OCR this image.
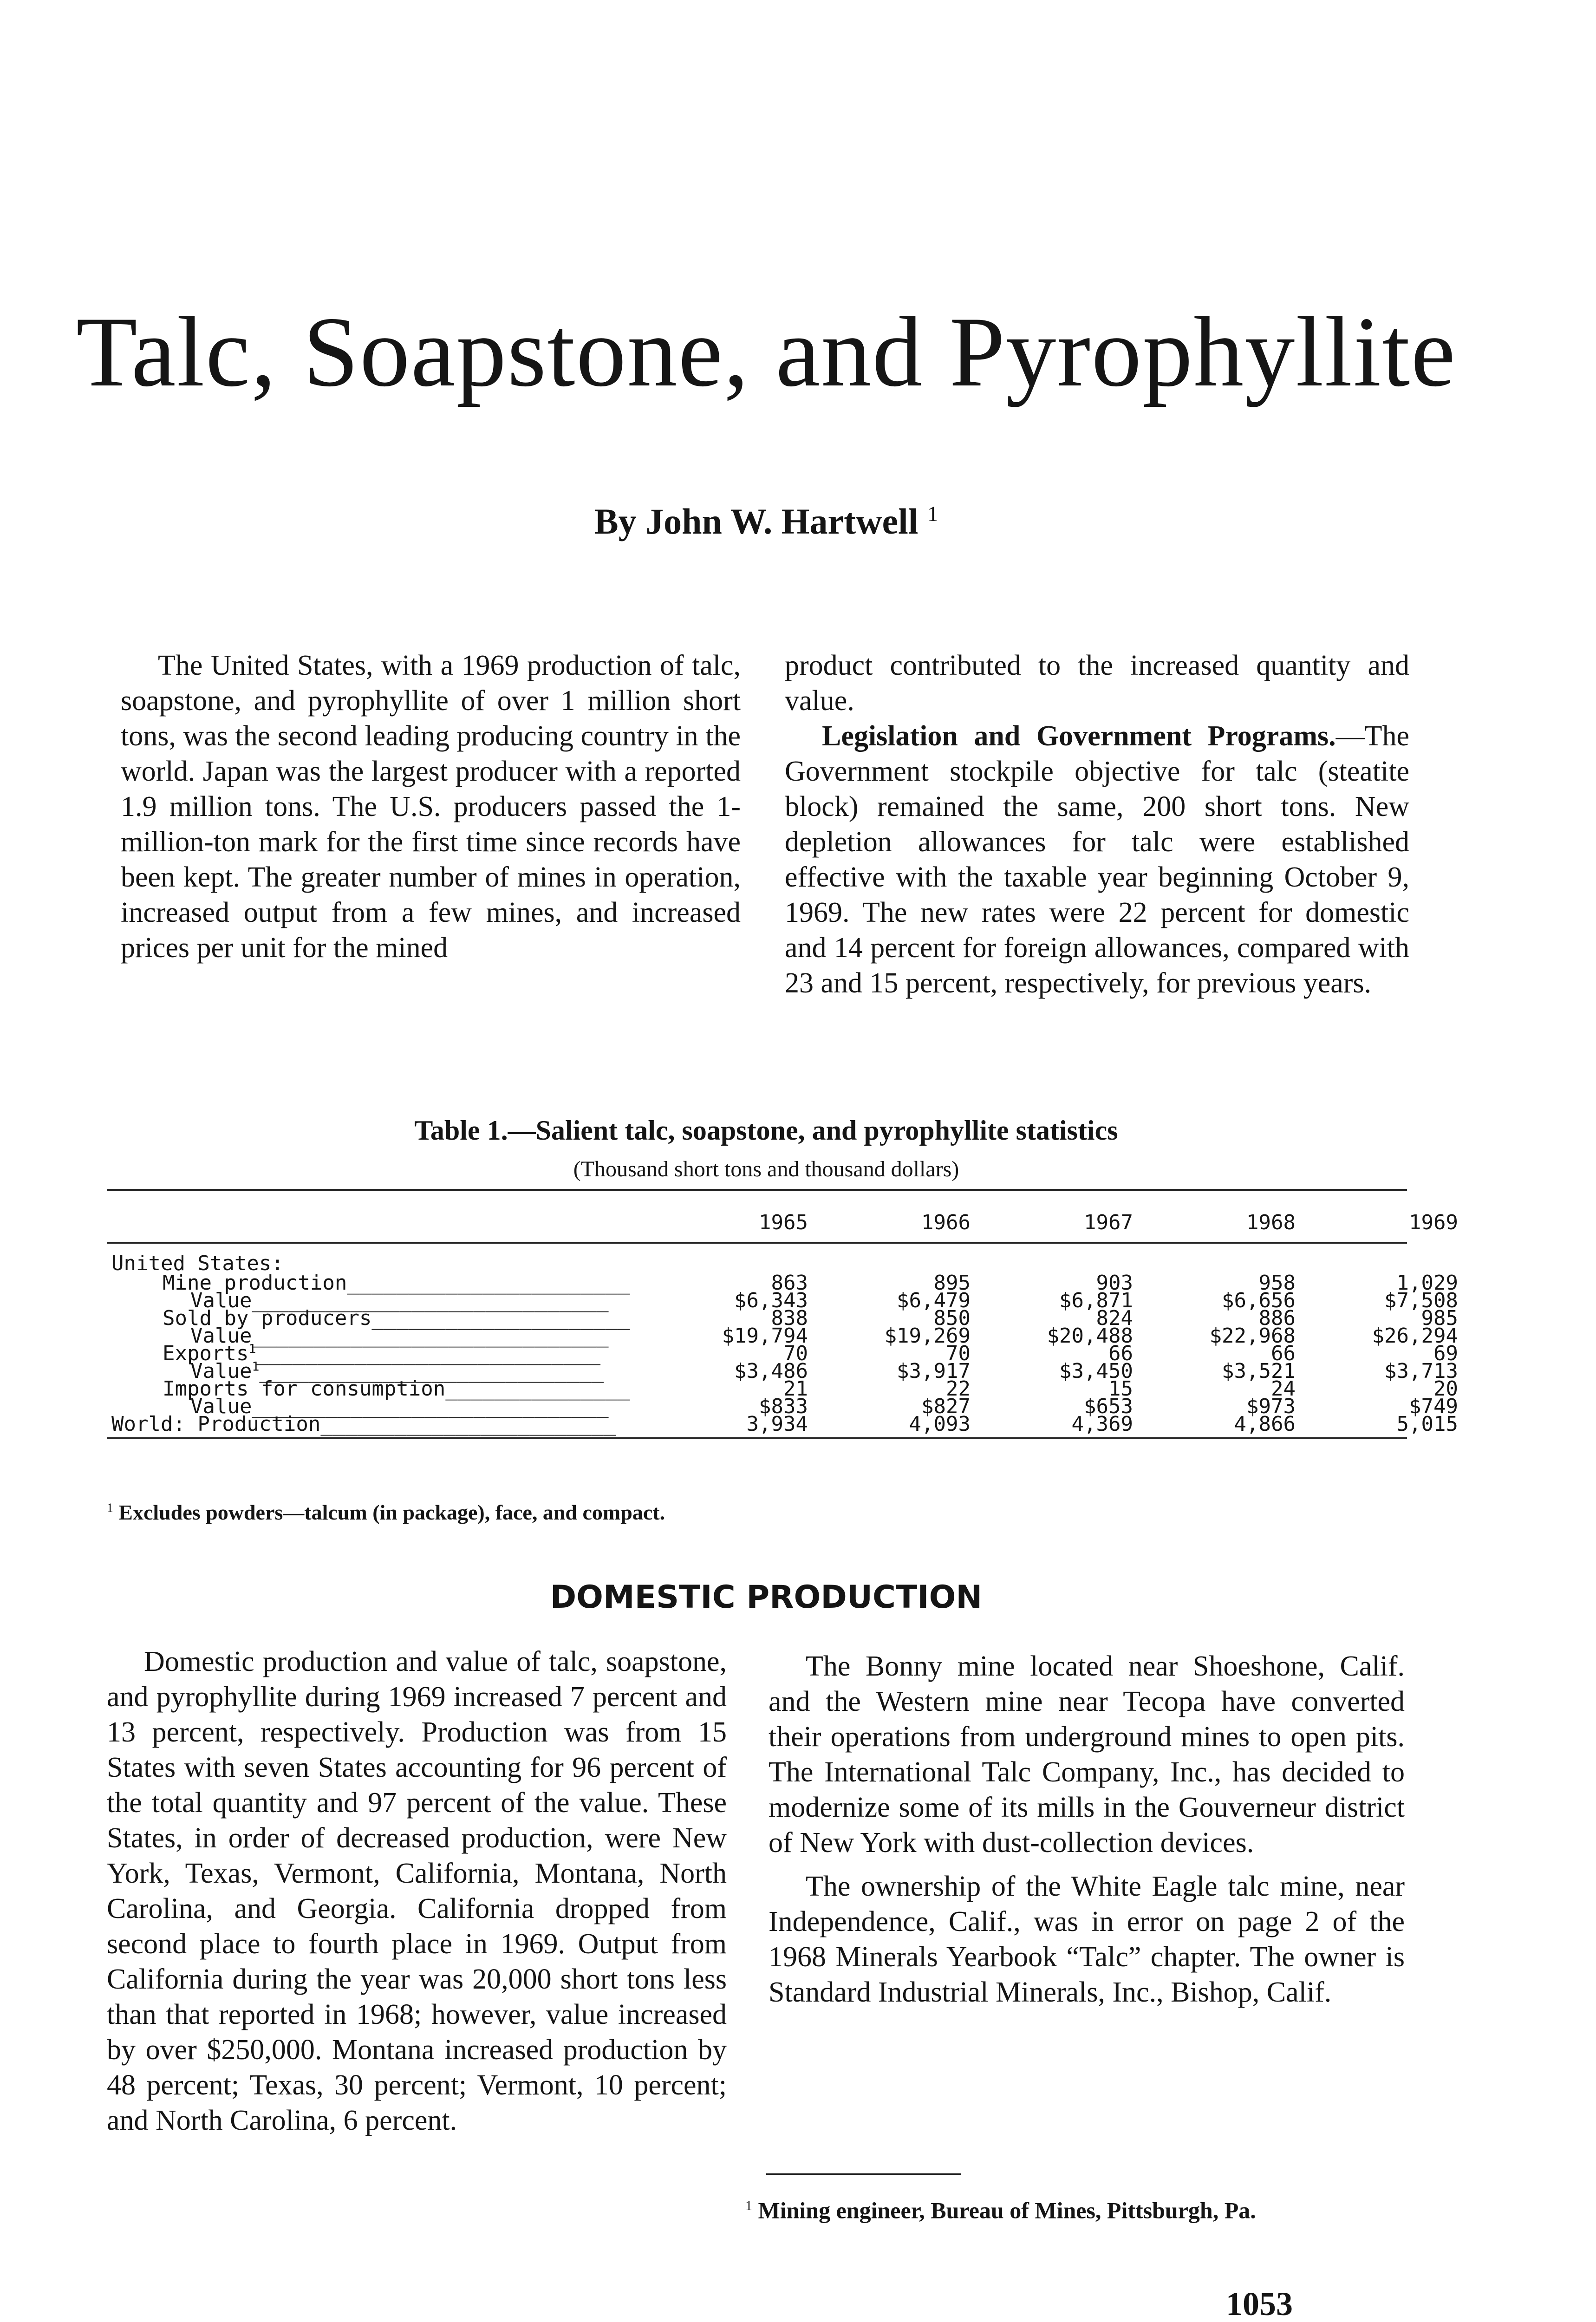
Talc, Soapstone, and Pyrophyllite

By John W. Hartwell $^1$

The United States, with a 1969 production of talc, soapstone, and pyrophyllite of over 1 million short tons, was the second leading producing country in the world. Japan was the largest producer with a reported 1.9 million tons. The U.S. producers passed the 1-million-ton mark for the first time since records have been kept. The greater number of mines in operation, increased output from a few mines, and increased prices per unit for the mined

product contributed to the increased quantity and value.

Legislation and Government Programs.—The Government stockpile objective for talc (steatite block) remained the same, 200 short tons. New depletion allowances for talc were established effective with the taxable year beginning October 9, 1969. The new rates were 22 percent for domestic and 14 percent for foreign allowances, compared with 23 and 15 percent, respectively, for previous years.

Table 1.—Salient talc, soapstone, and pyrophyllite statistics

(Thousand short tons and thousand dollars)

1965	1966	1967	1968	1969
United States:
Mine production_______________________	863	895	903	958	1,029
Value_____________________________	$6,343	$6,479	$6,871	$6,656	$7,508
Sold by producers_____________________	838	850	824	886	985
Value_____________________________	$19,794	$19,269	$20,488	$22,968	$26,294
Exports$^1$____________________________	70	70	66	66	69
Value$^1$____________________________	$3,486	$3,917	$3,450	$3,521	$3,713
Imports for consumption_______________	21	22	15	24	20
Value_____________________________	$833	$827	$653	$973	$749
World: Production________________________	3,934	4,093	4,369	4,866	5,015

$^1$ Excludes powders—talcum (in package), face, and compact.

DOMESTIC PRODUCTION

Domestic production and value of talc, soapstone, and pyrophyllite during 1969 increased 7 percent and 13 percent, respectively. Production was from 15 States with seven States accounting for 96 percent of the total quantity and 97 percent of the value. These States, in order of decreased production, were New York, Texas, Vermont, California, Montana, North Carolina, and Georgia. California dropped from second place to fourth place in 1969. Output from California during the year was 20,000 short tons less than that reported in 1968; however, value increased by over $250,000. Montana increased production by 48 percent; Texas, 30 percent; Vermont, 10 percent; and North Carolina, 6 percent.

The Bonny mine located near Shoeshone, Calif. and the Western mine near Tecopa have converted their operations from underground mines to open pits. The International Talc Company, Inc., has decided to modernize some of its mills in the Gouverneur district of New York with dust-collection devices.

The ownership of the White Eagle talc mine, near Independence, Calif., was in error on page 2 of the 1968 Minerals Yearbook “Talc” chapter. The owner is Standard Industrial Minerals, Inc., Bishop, Calif.

$^1$ Mining engineer, Bureau of Mines, Pittsburgh, Pa.

1053
